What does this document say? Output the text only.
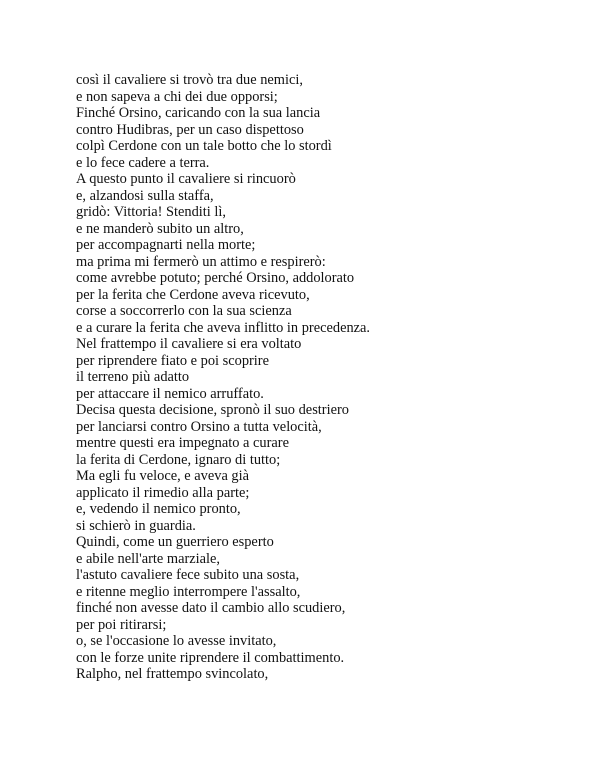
così il cavaliere si trovò tra due nemici,
e non sapeva a chi dei due opporsi;
Finché Orsino, caricando con la sua lancia
contro Hudibras, per un caso dispettoso
colpì Cerdone con un tale botto che lo stordì
e lo fece cadere a terra.
A questo punto il cavaliere si rincuorò
e, alzandosi sulla staffa,
gridò: Vittoria! Stenditi lì,
e ne manderò subito un altro,
per accompagnarti nella morte;
ma prima mi fermerò un attimo e respirerò:
come avrebbe potuto; perché Orsino, addolorato
per la ferita che Cerdone aveva ricevuto,
corse a soccorrerlo con la sua scienza
e a curare la ferita che aveva inflitto in precedenza.
Nel frattempo il cavaliere si era voltato
per riprendere fiato e poi scoprire
il terreno più adatto
per attaccare il nemico arruffato.
Decisa questa decisione, spronò il suo destriero
per lanciarsi contro Orsino a tutta velocità,
mentre questi era impegnato a curare
la ferita di Cerdone, ignaro di tutto;
Ma egli fu veloce, e aveva già
applicato il rimedio alla parte;
e, vedendo il nemico pronto,
si schierò in guardia.
Quindi, come un guerriero esperto
e abile nell'arte marziale,
l'astuto cavaliere fece subito una sosta,
e ritenne meglio interrompere l'assalto,
finché non avesse dato il cambio allo scudiero,
per poi ritirarsi;
o, se l'occasione lo avesse invitato,
con le forze unite riprendere il combattimento.
Ralpho, nel frattempo svincolato,
